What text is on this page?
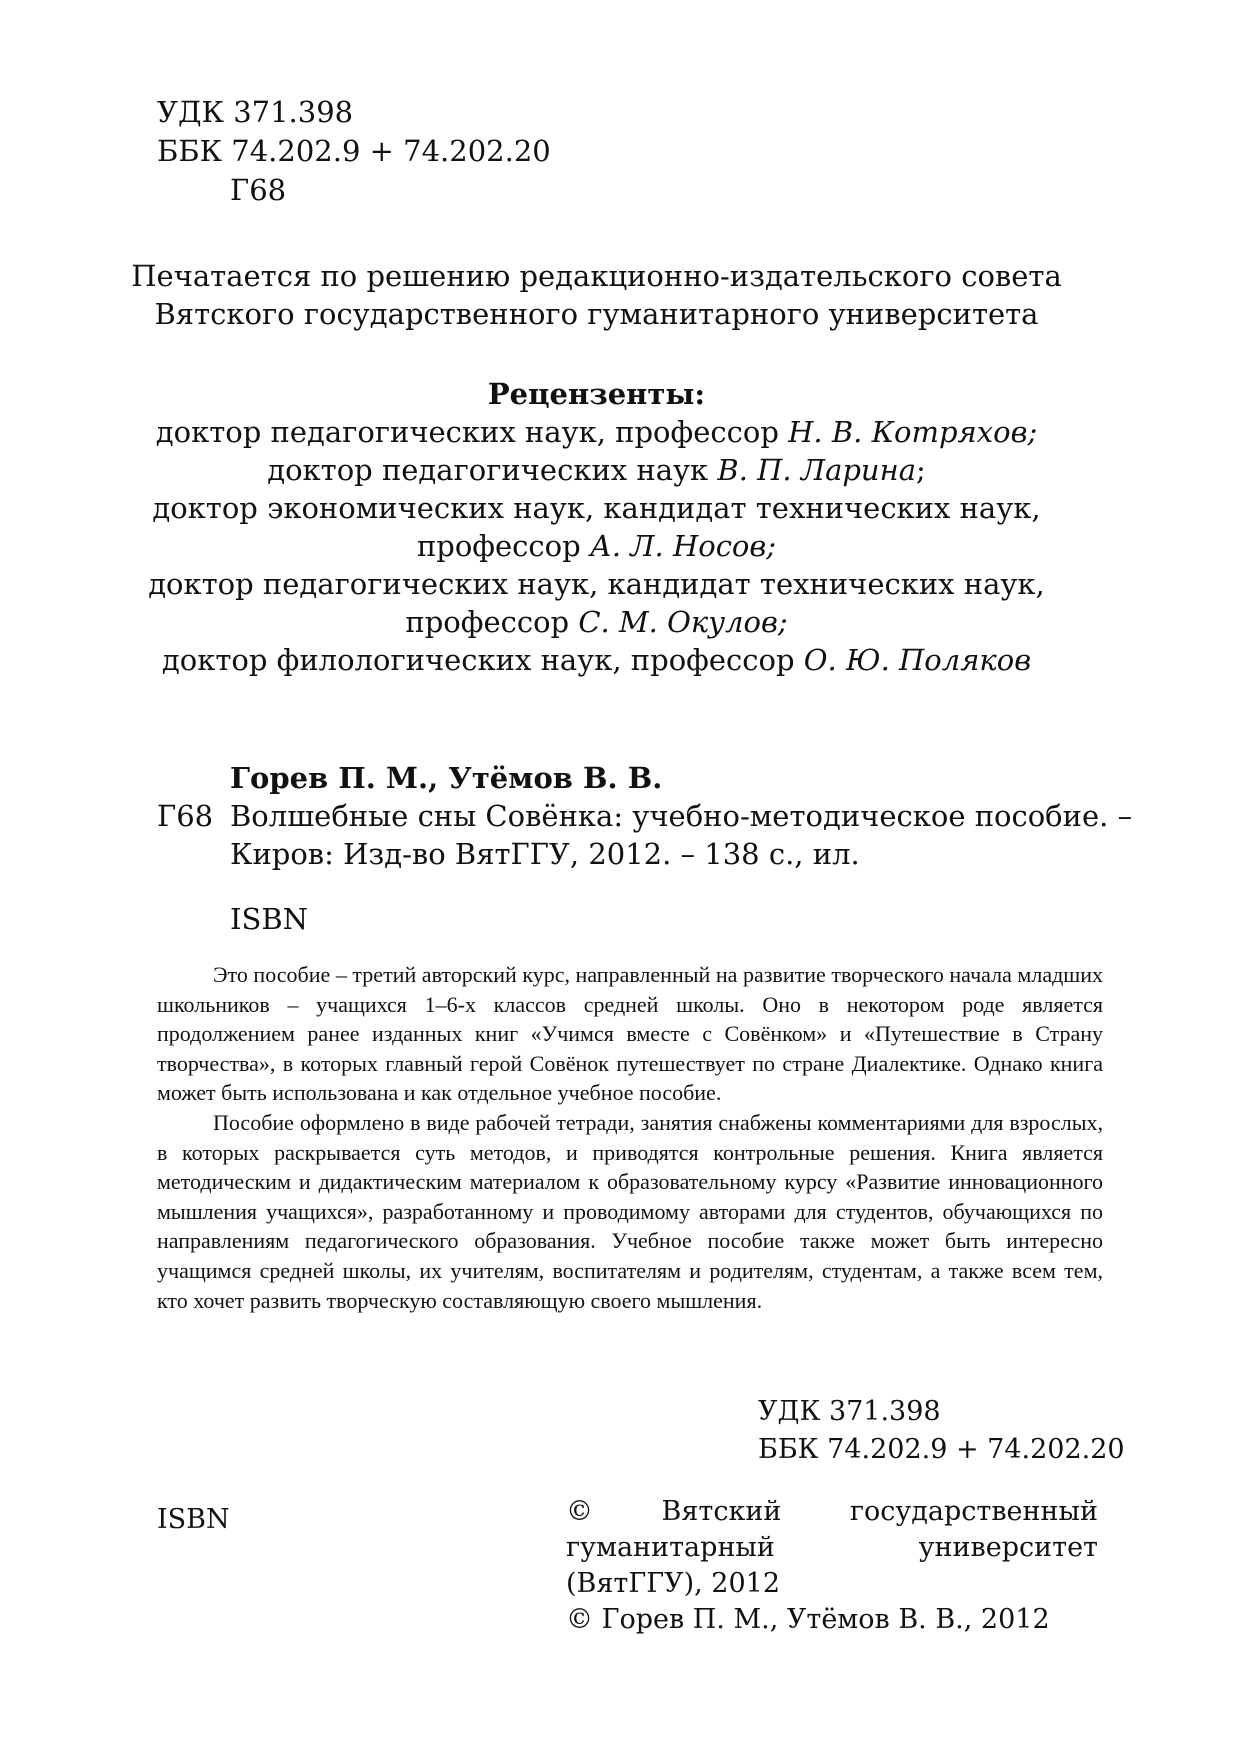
УДК 371.398
ББК 74.202.9 + 74.202.20
Г68
Печатается по решению редакционно-издательского совета
Вятского государственного гуманитарного университета
Рецензенты:
доктор педагогических наук, профессор Н. В. Котряхов;
доктор педагогических наук В. П. Ларина;
доктор экономических наук, кандидат технических наук,
профессор А. Л. Носов;
доктор педагогических наук, кандидат технических наук,
профессор С. М. Окулов;
доктор филологических наук, профессор О. Ю. Поляков
Горев П. М., Утёмов В. В.
Г68 Волшебные сны Совёнка: учебно-методическое пособие. –
Киров: Изд-во ВятГГУ, 2012. – 138 с., ил.
ISBN

Это пособие – третий авторский курс, направленный на развитие творческого начала младших школьников – учащихся 1–6-х классов средней школы. Оно в некотором роде является продолжением ранее изданных книг «Учимся вместе с Совёнком» и «Путешествие в Страну творчества», в которых главный герой Совёнок путешествует по стране Диалектике. Однако книга может быть использована и как отдельное учебное пособие.

Пособие оформлено в виде рабочей тетради, занятия снабжены комментариями для взрослых, в которых раскрывается суть методов, и приводятся контрольные решения. Книга является методическим и дидактическим материалом к образовательному курсу «Развитие инновационного мышления учащихся», разработанному и проводимому авторами для студентов, обучающихся по направлениям педагогического образования. Учебное пособие также может быть интересно учащимся средней школы, их учителям, воспитателям и родителям, студентам, а также всем тем, кто хочет развить творческую составляющую своего мышления.

УДК 371.398
ББК 74.202.9 + 74.202.20
ISBN	© Вятский государственный гуманитарный университет (ВятГГУ), 2012
© Горев П. М., Утёмов В. В., 2012
